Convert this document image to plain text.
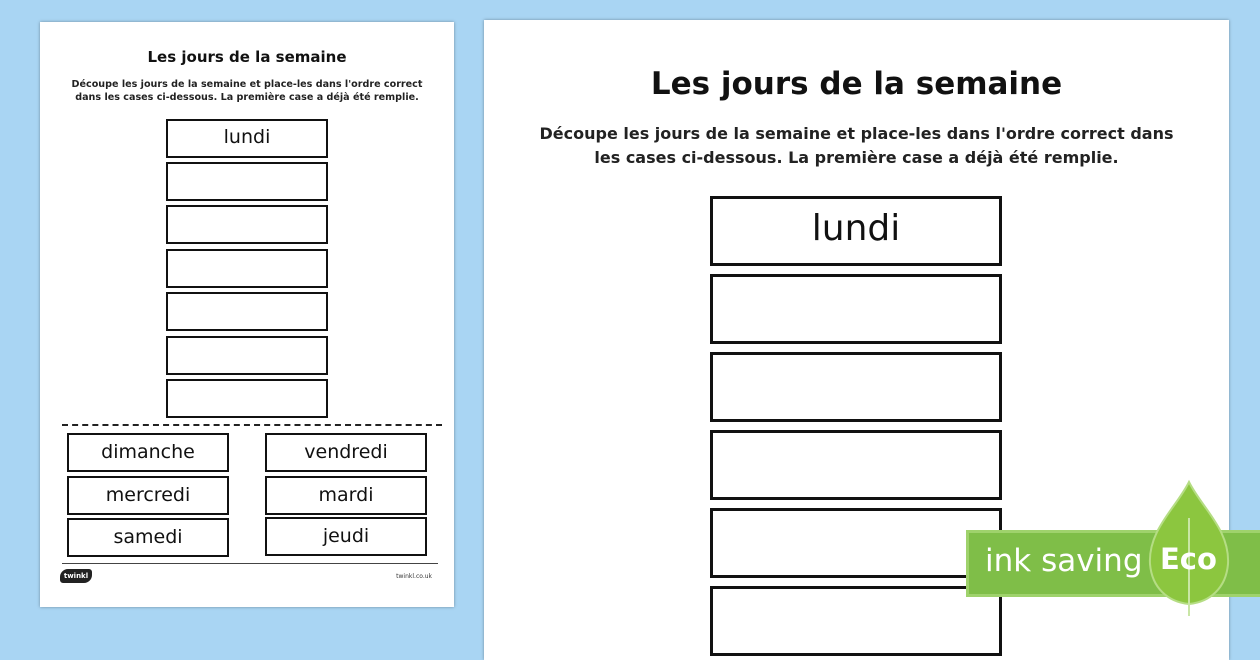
Les jours de la semaine
Découpe les jours de la semaine et place-les dans l'ordre correct dans les cases ci-dessous. La première case a déjà été remplie.
lundi
dimanche	vendredi
mercredi	mardi
samedi	jeudi
twinkl	twinkl.co.uk
Les jours de la semaine
Découpe les jours de la semaine et place-les dans l'ordre correct dans les cases ci-dessous. La première case a déjà été remplie.
lundi
ink saving Eco
